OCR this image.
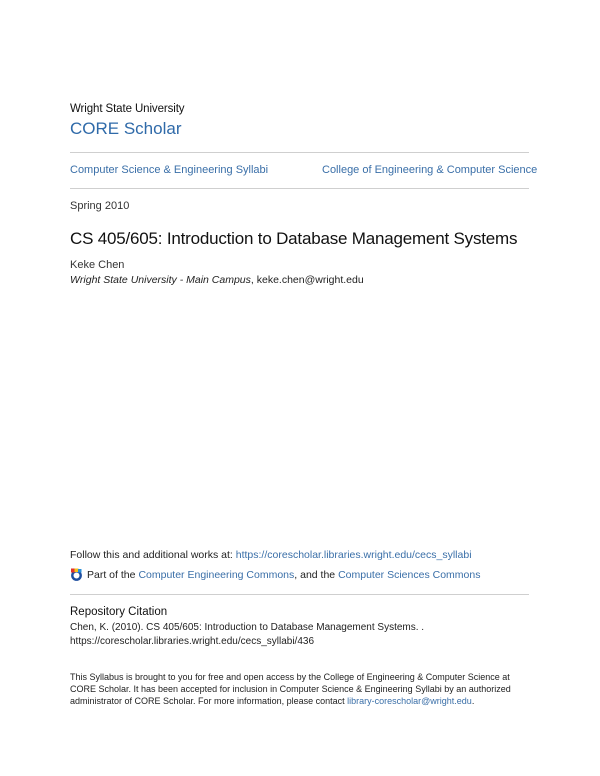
Wright State University
CORE Scholar
Computer Science & Engineering Syllabi	College of Engineering & Computer Science
Spring 2010
CS 405/605: Introduction to Database Management Systems
Keke Chen
Wright State University - Main Campus, keke.chen@wright.edu
Follow this and additional works at: https://corescholar.libraries.wright.edu/cecs_syllabi
Part of the Computer Engineering Commons , and the Computer Sciences Commons
Repository Citation
Chen, K. (2010). CS 405/605: Introduction to Database Management Systems. .
https://corescholar.libraries.wright.edu/cecs_syllabi/436
This Syllabus is brought to you for free and open access by the College of Engineering & Computer Science at
CORE Scholar. It has been accepted for inclusion in Computer Science & Engineering Syllabi by an authorized
administrator of CORE Scholar. For more information, please contact library-corescholar@wright.edu.
